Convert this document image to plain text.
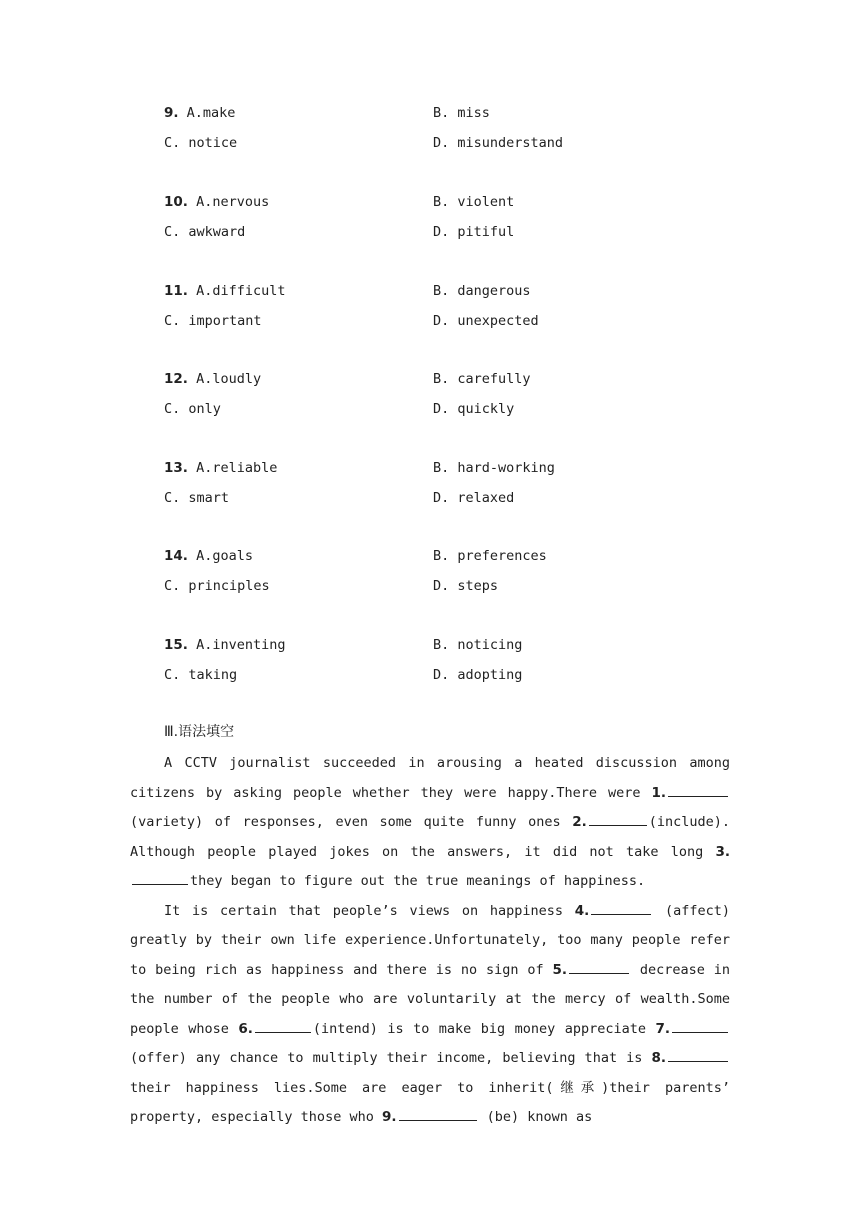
9. A.make	B. miss
C. notice	D. misunderstand
10. A.nervous	B. violent
C. awkward	D. pitiful
11. A.difficult	B. dangerous
C. important	D. unexpected
12. A.loudly	B. carefully
C. only	D. quickly
13. A.reliable	B. hard-working
C. smart	D. relaxed
14. A.goals	B. preferences
C. principles	D. steps
15. A.inventing	B. noticing
C. taking	D. adopting
Ⅲ.语法填空

A CCTV journalist succeeded in arousing a heated discussion among citizens by asking people whether they were happy.There were 1. (variety) of responses, even some quite funny ones 2.	(include). Although people played jokes on the answers, it did not take long 3.they began to figure out the true meanings of happiness.

It is certain that people’s views on happiness 4.	(affect) greatly by their own life experience.Unfortunately, too many people refer to being rich as happiness and there is no sign of 5.	decrease in the number of the people who are voluntarily at the mercy of wealth.Some people whose 6.	(intend) is to make big money appreciate 7. (offer) any chance to multiply their income, believing that is 8. their happiness lies.Some are eager to inherit(继承)their parents’ property, especially those who 9.	(be) known as
